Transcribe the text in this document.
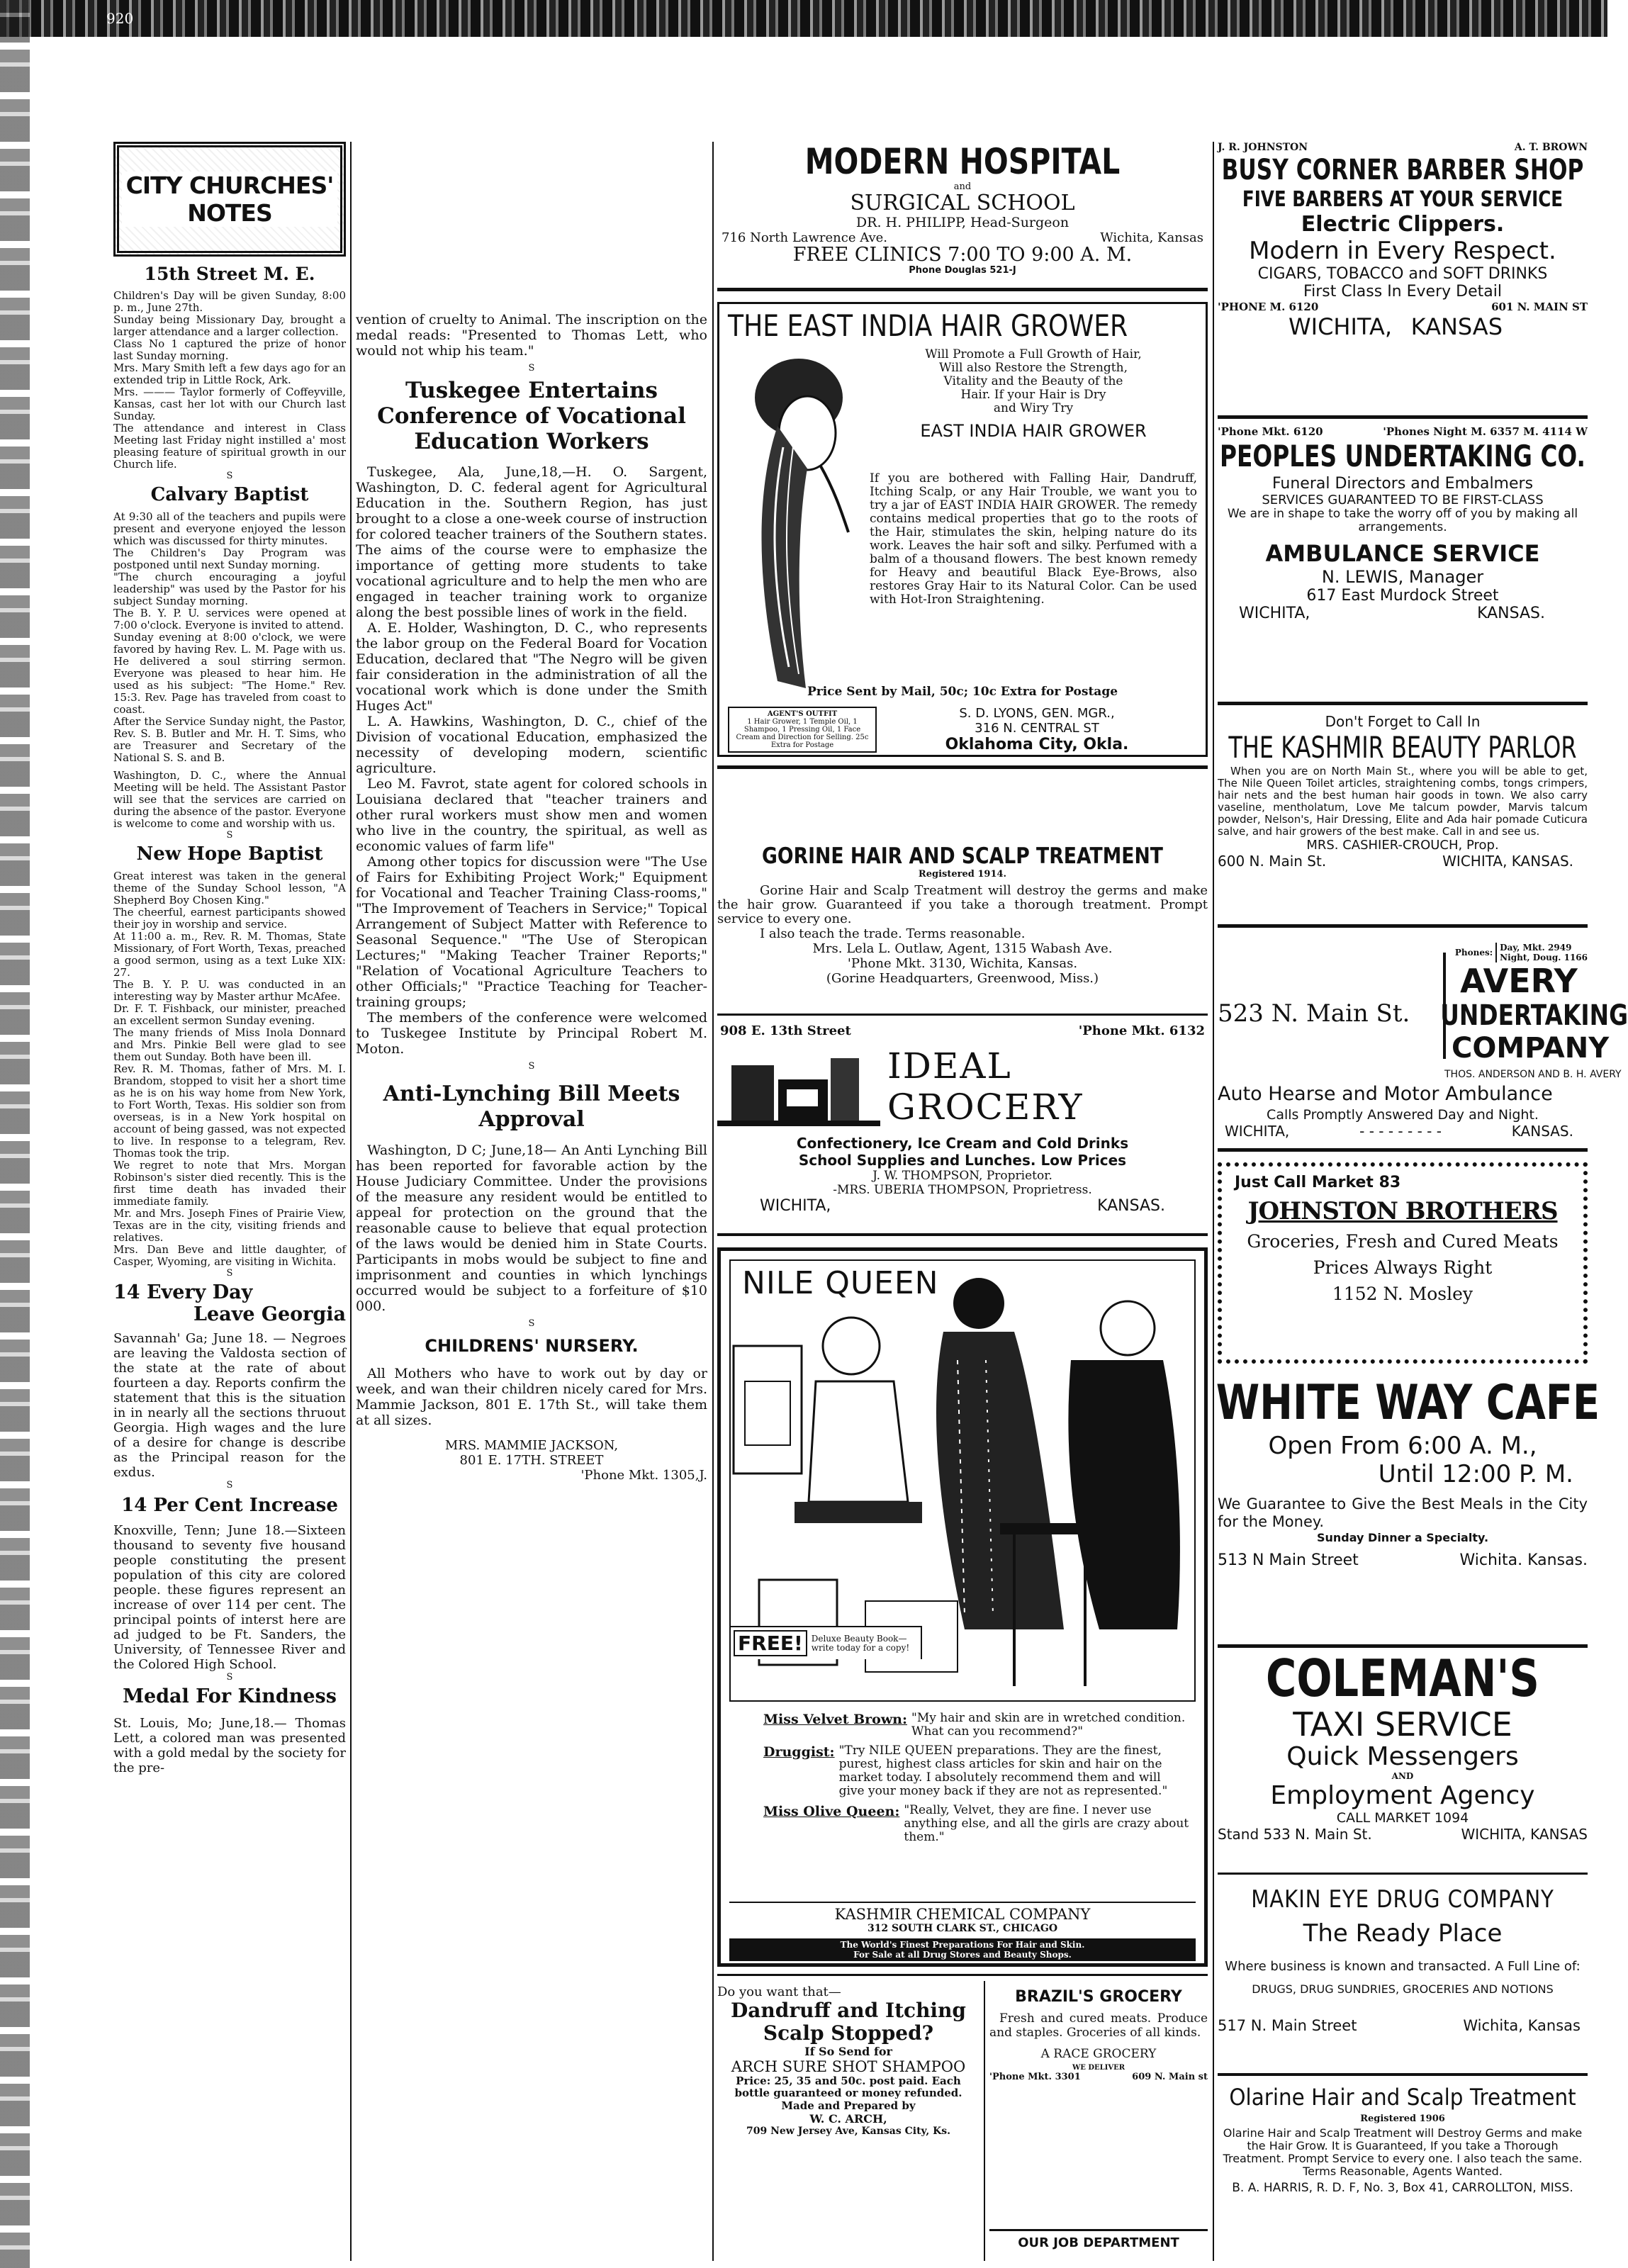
920
CITY CHURCHES' NOTES
15th Street M. E.

Children's Day will be given Sunday, 8:00 p. m., June 27th.

Sunday being Missionary Day, brought a larger attendance and a larger collection.

Class No 1 captured the prize of honor last Sunday morning.

Mrs. Mary Smith left a few days ago for an extended trip in Little Rock, Ark.

Mrs. ——— Taylor formerly of Coffeyville, Kansas, cast her lot with our Church last Sunday.

The attendance and interest in Class Meeting last Friday night instilled a' most pleasing feature of spiritual growth in our Church life.

S
Calvary Baptist

At 9:30 all of the teachers and pupils were present and everyone enjoyed the lesson which was discussed for thirty minutes.

The Children's Day Program was postponed until next Sunday morning.

"The church encouraging a joyful leadership" was used by the Pastor for his subject Sunday morning.

The B. Y. P. U. services were opened at 7:00 o'clock. Everyone is invited to attend.

Sunday evening at 8:00 o'clock, we were favored by having Rev. L. M. Page with us. He delivered a soul stirring sermon. Everyone was pleased to hear him. He used as his subject: "The Home." Rev. 15:3. Rev. Page has traveled from coast to coast.

After the Service Sunday night, the Pastor, Rev. S. B. Butler and Mr. H. T. Sims, who are Treasurer and Secretary of the National S. S. and B.

Washington, D. C., where the Annual Meeting will be held. The Assistant Pastor will see that the services are carried on during the absence of the pastor. Everyone is welcome to come and worship with us.

S
New Hope Baptist

Great interest was taken in the general theme of the Sunday School lesson, "A Shepherd Boy Chosen King."

The cheerful, earnest participants showed their joy in worship and service.

At 11:00 a. m., Rev. R. M. Thomas, State Missionary, of Fort Worth, Texas, preached a good sermon, using as a text Luke XIX: 27.

The B. Y. P. U. was conducted in an interesting way by Master arthur McAfee.

Dr. F. T. Fishback, our minister, preached an excellent sermon Sunday evening.

The many friends of Miss Inola Donnard and Mrs. Pinkie Bell were glad to see them out Sunday. Both have been ill.

Rev. R. M. Thomas, father of Mrs. M. I. Brandom, stopped to visit her a short time as he is on his way home from New York, to Fort Worth, Texas. His soldier son from overseas, is in a New York hospital on account of being gassed, was not expected to live. In response to a telegram, Rev. Thomas took the trip.

We regret to note that Mrs. Morgan Robinson's sister died recently. This is the first time death has invaded their immediate family.

Mr. and Mrs. Joseph Fines of Prairie View, Texas are in the city, visiting friends and relatives.

Mrs. Dan Beve and little daughter, of Casper, Wyoming, are visiting in Wichita.

S
14 Every Day
Leave Georgia

Savannah' Ga; June 18. — Negroes are leaving the Valdosta section of the state at the rate of about fourteen a day. Reports confirm the statement that this is the situation in in nearly all the sections thruout Georgia. High wages and the lure of a desire for change is describe as the Principal reason for the exdus.

S
14 Per Cent Increase

Knoxville, Tenn; June 18.—Sixteen thousand to seventy five housand people constituting the present population of this city are colored people. these figures represent an increase of over 114 per cent. The principal points of interst here are ad judged to be Ft. Sanders, the University, of Tennessee River and the Colored High School.

S
Medal For Kindness

St. Louis, Mo; June,18.— Thomas Lett, a colored man was presented with a gold medal by the society for the pre-

vention of cruelty to Animal. The inscription on the medal reads: "Presented to Thomas Lett, who would not whip his team."

S
Tuskegee Entertains Conference of Vocational Education Workers

Tuskegee, Ala, June,18,—H. O. Sargent, Washington, D. C. federal agent for Agricultural Education in the. Southern Region, has just brought to a close a one-week course of instruction for colored teacher trainers of the Southern states. The aims of the course were to emphasize the importance of getting more students to take vocational agriculture and to help the men who are engaged in teacher training work to organize along the best possible lines of work in the field.

A. E. Holder, Washington, D. C., who represents the labor group on the Federal Board for Vocation Education, declared that "The Negro will be given fair consideration in the administration of all the vocational work which is done under the Smith Huges Act"

L. A. Hawkins, Washington, D. C., chief of the Division of vocational Education, emphasized the necessity of developing modern, scientific agriculture.

Leo M. Favrot, state agent for colored schools in Louisiana declared that "teacher trainers and other rural workers must show men and women who live in the country, the spiritual, as well as economic values of farm life"

Among other topics for discussion were "The Use of Fairs for Exhibiting Project Work;" Equipment for Vocational and Teacher Training Class-rooms," "The Improvement of Teachers in Service;" Topical Arrangement of Subject Matter with Reference to Seasonal Sequence." "The Use of Steropican Lectures;" "Making Teacher Trainer Reports;" "Relation of Vocational Agriculture Teachers to other Officials;" "Practice Teaching for Teacher-training groups;

The members of the conference were welcomed to Tuskegee Institute by Principal Robert M. Moton.

S
Anti-Lynching Bill Meets Approval

Washington, D C; June,18— An Anti Lynching Bill has been reported for favorable action by the House Judiciary Committee. Under the provisions of the measure any resident would be entitled to appeal for protection on the ground that the reasonable cause to believe that equal protection of the laws would be denied him in State Courts. Participants in mobs would be subject to fine and imprisonment and counties in which lynchings occurred would be subject to a forfeiture of $10 000.

S
CHILDRENS' NURSERY.

All Mothers who have to work out by day or week, and wan their children nicely cared for Mrs. Mammie Jackson, 801 E. 17th St., will take them at all sizes.

MRS. MAMMIE JACKSON,
801 E. 17TH. STREET
'Phone Mkt. 1305,J.
MODERN HOSPITAL
and
SURGICAL SCHOOL
DR. H. PHILIPP, Head-Surgeon
716 North Lawrence Ave.	Wichita, Kansas
FREE CLINICS 7:00 TO 9:00 A. M.
Phone Douglas 521-J
THE EAST INDIA HAIR GROWER
Will Promote a Full Growth of Hair,
Will also Restore the Strength,
Vitality and the Beauty of the
Hair. If your Hair is Dry
and Wiry Try
EAST INDIA HAIR GROWER

If you are bothered with Falling Hair, Dandruff, Itching Scalp, or any Hair Trouble, we want you to try a jar of EAST INDIA HAIR GROWER. The remedy contains medical properties that go to the roots of the Hair, stimulates the skin, helping nature do its work. Leaves the hair soft and silky. Perfumed with a balm of a thousand flowers. The best known remedy for Heavy and beautiful Black Eye-Brows, also restores Gray Hair to its Natural Color. Can be used with Hot-Iron Straightening.

Price Sent by Mail, 50c; 10c Extra for Postage
AGENT'S OUTFIT
1 Hair Grower, 1 Temple Oil, 1 Shampoo, 1 Pressing Oil, 1 Face Cream and Direction for Selling. 25c Extra for Postage
S. D. LYONS, GEN. MGR.,
316 N. CENTRAL ST
Oklahoma City, Okla.
GORINE HAIR AND SCALP TREATMENT
Registered 1914.

Gorine Hair and Scalp Treatment will destroy the germs and make the hair grow. Guaranteed if you take a thorough treatment. Prompt service to every one.

I also teach the trade. Terms reasonable.
Mrs. Lela L. Outlaw, Agent, 1315 Wabash Ave.
'Phone Mkt. 3130, Wichita, Kansas.
(Gorine Headquarters, Greenwood, Miss.)
908 E. 13th Street	'Phone Mkt. 6132
IDEAL GROCERY
Confectionery, Ice Cream and Cold Drinks
School Supplies and Lunches. Low Prices
J. W. THOMPSON, Proprietor.
-MRS. UBERIA THOMPSON, Proprietress.
WICHITA,	KANSAS.
NILE QUEEN
FREE!	Deluxe Beauty Book—write today for a copy!
Miss Velvet Brown: "My hair and skin are in wretched condition. What can you recommend?"
Druggist: "Try NILE QUEEN preparations. They are the finest, purest, highest class articles for skin and hair on the market today. I absolutely recommend them and will give your money back if they are not as represented."
Miss Olive Queen: "Really, Velvet, they are fine. I never use anything else, and all the girls are crazy about them."
KASHMIR CHEMICAL COMPANY
312 SOUTH CLARK ST., CHICAGO
The World's Finest Preparations For Hair and Skin.
For Sale at all Drug Stores and Beauty Shops.
Do you want that—
Dandruff and Itching
Scalp Stopped?
If So Send for
ARCH SURE SHOT SHAMPOO
Price: 25, 35 and 50c. post paid. Each bottle guaranteed or money refunded.
Made and Prepared by
W. C. ARCH,
709 New Jersey Ave, Kansas City, Ks.
BRAZIL'S GROCERY

Fresh and cured meats. Produce and staples. Groceries of all kinds.

A RACE GROCERY
WE DELIVER
'Phone Mkt. 3301	609 N. Main st
OUR JOB DEPARTMENT
J. R. JOHNSTON	A. T. BROWN
BUSY CORNER BARBER SHOP
FIVE BARBERS AT YOUR SERVICE
Electric Clippers.
Modern in Every Respect.
CIGARS, TOBACCO and SOFT DRINKS
First Class In Every Detail
'PHONE M. 6120	601 N. MAIN ST
WICHITA, KANSAS
'Phone Mkt. 6120	'Phones Night M. 6357 M. 4114 W
PEOPLES UNDERTAKING CO.
Funeral Directors and Embalmers
SERVICES GUARANTEED TO BE FIRST-CLASS
We are in shape to take the worry off of you by making all arrangements.
AMBULANCE SERVICE
N. LEWIS, Manager
617 East Murdock Street
WICHITA,	KANSAS.
Don't Forget to Call In
THE KASHMIR BEAUTY PARLOR

When you are on North Main St., where you will be able to get, The Nile Queen Toilet articles, straightening combs, tongs crimpers, hair nets and the best human hair goods in town. We also carry vaseline, mentholatum, Love Me talcum powder, Marvis talcum powder, Nelson's, Hair Dressing, Elite and Ada hair pomade Cuticura salve, and hair growers of the best make. Call in and see us.

MRS. CASHIER-CROUCH, Prop.
600 N. Main St.	WICHITA, KANSAS.
Phones: Day, Mkt. 2949
Night, Doug. 1166
523 N. Main St.
AVERY
UNDERTAKING
COMPANY
THOS. ANDERSON AND B. H. AVERY
Auto Hearse and Motor Ambulance
Calls Promptly Answered Day and Night.
WICHITA,	- - - - - - - - -	KANSAS.
Just Call Market 83
JOHNSTON BROTHERS
Groceries, Fresh and Cured Meats
Prices Always Right
1152 N. Mosley
WHITE WAY CAFE
Open From 6:00 A. M.,
Until 12:00 P. M.
We Guarantee to Give the Best Meals in the City for the Money.
Sunday Dinner a Specialty.
513 N Main Street	Wichita. Kansas.
COLEMAN'S
TAXI SERVICE
Quick Messengers
AND
Employment Agency
CALL MARKET 1094
Stand 533 N. Main St.	WICHITA, KANSAS
MAKIN EYE DRUG COMPANY
The Ready Place
Where business is known and transacted. A Full Line of:
DRUGS, DRUG SUNDRIES, GROCERIES AND NOTIONS
517 N. Main Street	Wichita, Kansas
Olarine Hair and Scalp Treatment
Registered 1906

Olarine Hair and Scalp Treatment will Destroy Germs and make the Hair Grow. It is Guaranteed, If you take a Thorough Treatment. Prompt Service to every one. I also teach the same. Terms Reasonable, Agents Wanted.

B. A. HARRIS, R. D. F, No. 3, Box 41, CARROLLTON, MISS.
